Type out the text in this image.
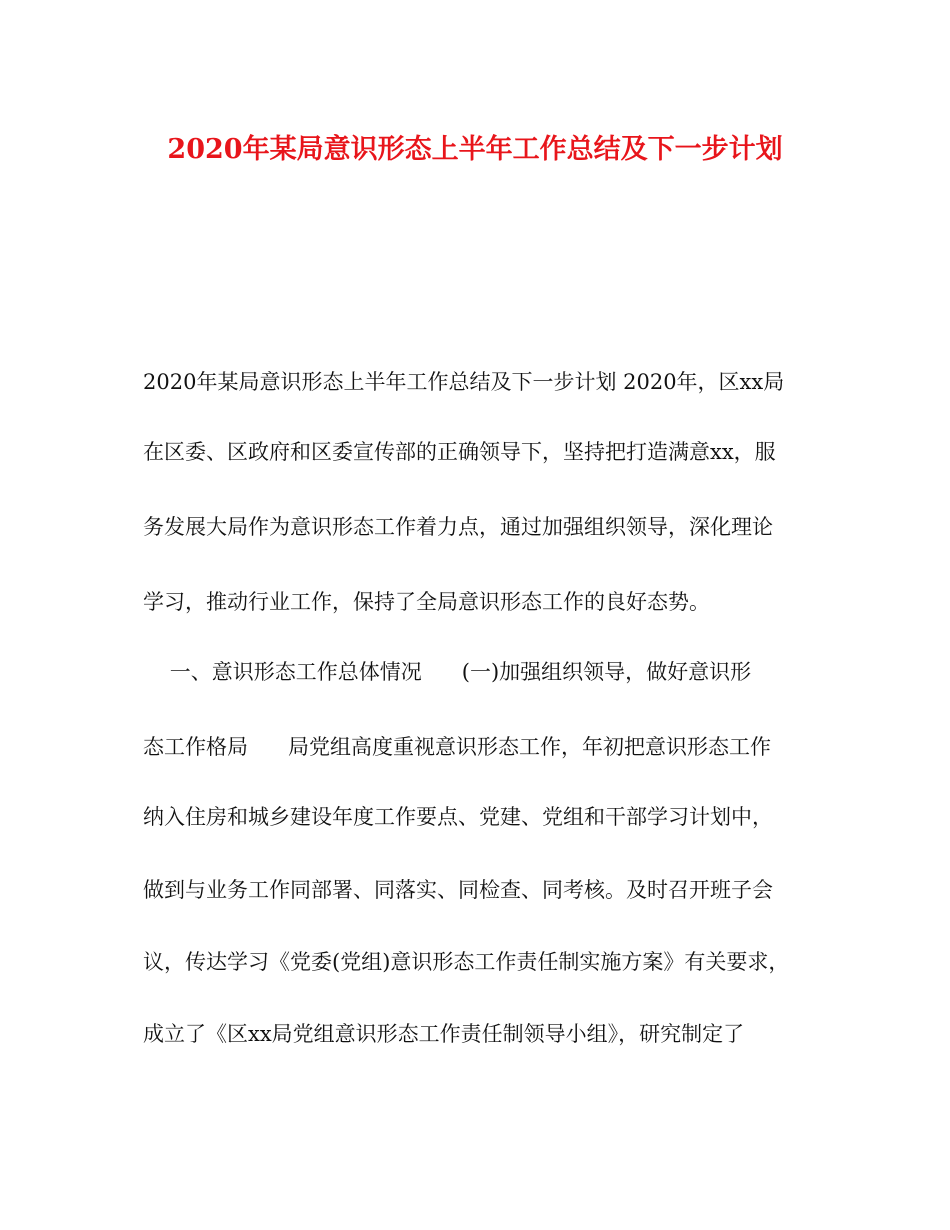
2020年某局意识形态上半年工作总结及下一步计划
2020年某局意识形态上半年工作总结及下一步计划 2020年，区xx局
在区委、区政府和区委宣传部的正确领导下，坚持把打造满意xx，服
务发展大局作为意识形态工作着力点，通过加强组织领导，深化理论
学习，推动行业工作，保持了全局意识形态工作的良好态势。
一、意识形态工作总体情况      (一)加强组织领导，做好意识形
态工作格局      局党组高度重视意识形态工作，年初把意识形态工作
纳入住房和城乡建设年度工作要点、党建、党组和干部学习计划中，
做到与业务工作同部署、同落实、同检查、同考核。及时召开班子会
议，传达学习《党委(党组)意识形态工作责任制实施方案》有关要求，
成立了《区xx局党组意识形态工作责任制领导小组》，研究制定了
